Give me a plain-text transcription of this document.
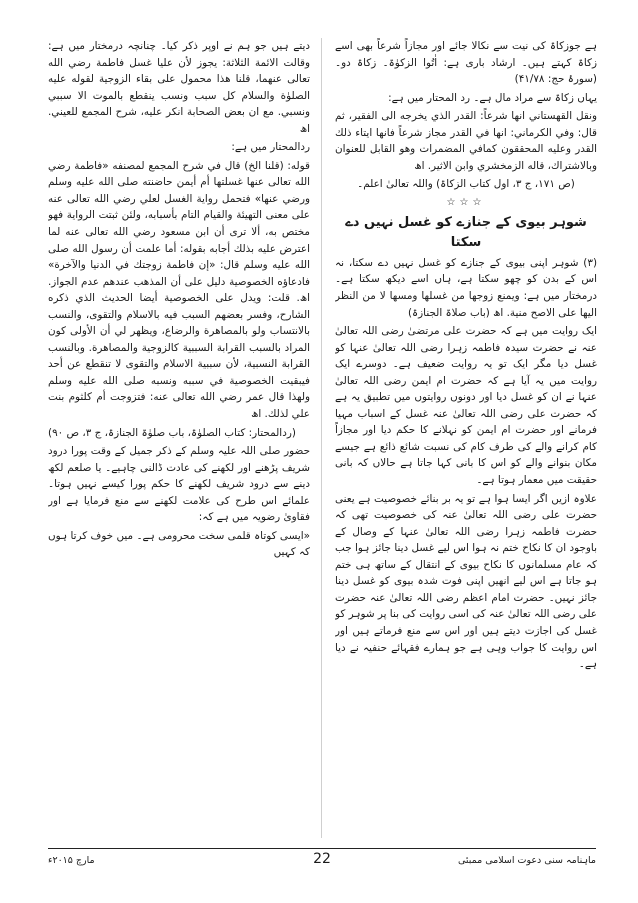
ہے جوزکاۃ کی نیت سے نکالا جائے اور مجازاً شرعاً بھی اسے زکاۃ کہتے ہیں۔ ارشاد باری ہے: اٰتُوا الزکوٰۃ۔ زکاۃ دو۔ (سورۂ حج: ۴۱/۷۸)

یہاں زکاۃ سے مراد مال ہے۔ رد المحتار میں ہے:

ونقل القهستاني انها شرعاً: القدر الذي يخرجه الى الفقير، ثم قال: وفي الكرماني: انها في القدر مجاز شرعاً فانها ايتاء ذلك القدر وعليه المحققون كمافي المضمرات وهو القابل للعنوان وبالاشتراك، قاله الزمخشري وابن الاثير. اھ

(ص ۱۷۱، ج ۳، اول کتاب الزکاۃ) واللہ تعالیٰ اعلم۔

☆☆☆
شوہر بیوی کے جنازے کو غسل نہیں دے سکتا

(۳) شوہر اپنی بیوی کے جنازے کو غسل نہیں دے سکتا، نہ اس کے بدن کو چھو سکتا ہے، ہاں اسے دیکھ سکتا ہے۔ درمختار میں ہے: ویمنع زوجها من غسلها ومسها لا من النظر اليها على الاصح منية. اھ (باب صلاۃ الجنازۃ)

ایک روایت میں ہے کہ حضرت علی مرتضیٰ رضی اللہ تعالیٰ عنہ نے حضرت سیدہ فاطمہ زہرا رضی اللہ تعالیٰ عنہا کو غسل دیا مگر ایک تو یہ روایت ضعیف ہے۔ دوسرے ایک روایت میں یہ آیا ہے کہ حضرت ام ایمن رضی اللہ تعالیٰ عنہا نے ان کو غسل دیا اور دونوں روایتوں میں تطبیق یہ ہے کہ حضرت علی رضی اللہ تعالیٰ عنہ غسل کے اسباب مہیا فرمانے اور حضرت ام ایمن کو نہلانے کا حکم دیا اور مجازاً کام کرانے والے کی طرف کام کی نسبت شائع ذائع ہے جیسے مکان بنوانے والے کو اس کا بانی کہا جاتا ہے حالاں کہ بانی حقیقت میں معمار ہوتا ہے۔

علاوہ ازیں اگر ایسا ہوا ہے تو یہ بر بنائے خصوصیت ہے یعنی حضرت علی رضی اللہ تعالیٰ عنہ کی خصوصیت تھی کہ حضرت فاطمہ زہرا رضی اللہ تعالیٰ عنہا کے وصال کے باوجود ان کا نکاح ختم نہ ہوا اس لیے غسل دینا جائز ہوا جب کہ عام مسلمانوں کا نکاح بیوی کے انتقال کے ساتھ ہی ختم ہو جاتا ہے اس لیے انھیں اپنی فوت شدہ بیوی کو غسل دینا جائز نہیں۔ حضرت امام اعظم رضی اللہ تعالیٰ عنہ حضرت علی رضی اللہ تعالیٰ عنہ کی اسی روایت کی بنا پر شوہر کو غسل کی اجازت دیتے ہیں اور اس سے منع فرماتے ہیں اور اس روایت کا جواب وہی ہے جو ہمارے فقہائے حنفیہ نے دیا ہے۔

دیتے ہیں جو ہم نے اوپر ذکر کیا۔ چنانچہ درمختار میں ہے: وقالت الائمة الثلاثة: يجوز لأن عليا غسل فاطمة رضي الله تعالى عنهما، قلنا هذا محمول على بقاء الزوجية لقوله عليه الصلوٰة والسلام كل سبب ونسب ينقطع بالموت الا سببي ونسبي. مع ان بعض الصحابة انكر عليه، شرح المجمع للعيني. اھ

ردالمحتار میں ہے:

قوله: (قلنا الخ) قال في شرح المجمع لمصنفه «فاطمة رضي الله تعالى عنها غسلتها أم أيمن حاضنته صلى الله عليه وسلم ورضي عنها» فتحمل رواية الغسل لعلي رضي الله تعالى عنه على معنى التهيئة والقيام التام بأسبابه، ولئن ثبتت الرواية فهو مختص به، ألا ترى أن ابن مسعود رضي الله تعالى عنه لما اعترض عليه بذلك أجابه بقوله: أما علمت أن رسول الله صلى الله عليه وسلم قال: «إن فاطمة زوجتك في الدنيا والآخرة» فادعاؤه الخصوصية دليل على أن المذهب عندهم عدم الجواز. اھ. قلت: ويدل على الخصوصية أيضا الحديث الذي ذكره الشارح، وفسر بعضهم السبب فيه بالاسلام والتقوى، والنسب بالانتساب ولو بالمصاهرة والرضاع، ويظهر لي أن الأولى كون المراد بالسبب القرابة السببية كالزوجية والمصاهرة. وبالنسب القرابة النسبية، لأن سببية الاسلام والتقوى لا تنقطع عن أحد فيبقيت الخصوصية في سببه ونسبه صلى الله عليه وسلم ولهذا قال عمر رضي الله تعالى عنه: فتزوجت أم كلثوم بنت علي لذلك. اھ

(ردالمحتار: کتاب الصلوٰۃ، باب صلوٰۃ الجنازۃ، ج ۳، ص ۹۰)

حضور صلی اللہ علیہ وسلم کے ذکر جمیل کے وقت پورا درود شریف پڑھنے اور لکھنے کی عادت ڈالنی چاہیے۔ یا صلعم لکھ دینے سے درود شریف لکھنے کا حکم پورا کیسے نہیں ہوتا۔ علمائے اس طرح کی علامت لکھنے سے منع فرمایا ہے اور فقاویٰ رضویہ میں ہے کہ:

«ایسی کوتاہ قلمی سخت محرومی ہے۔ میں خوف کرتا ہوں کہ کہیں

ماہنامہ سنی دعوت اسلامی ممبئی
22
مارچ ۲۰۱۵ء
